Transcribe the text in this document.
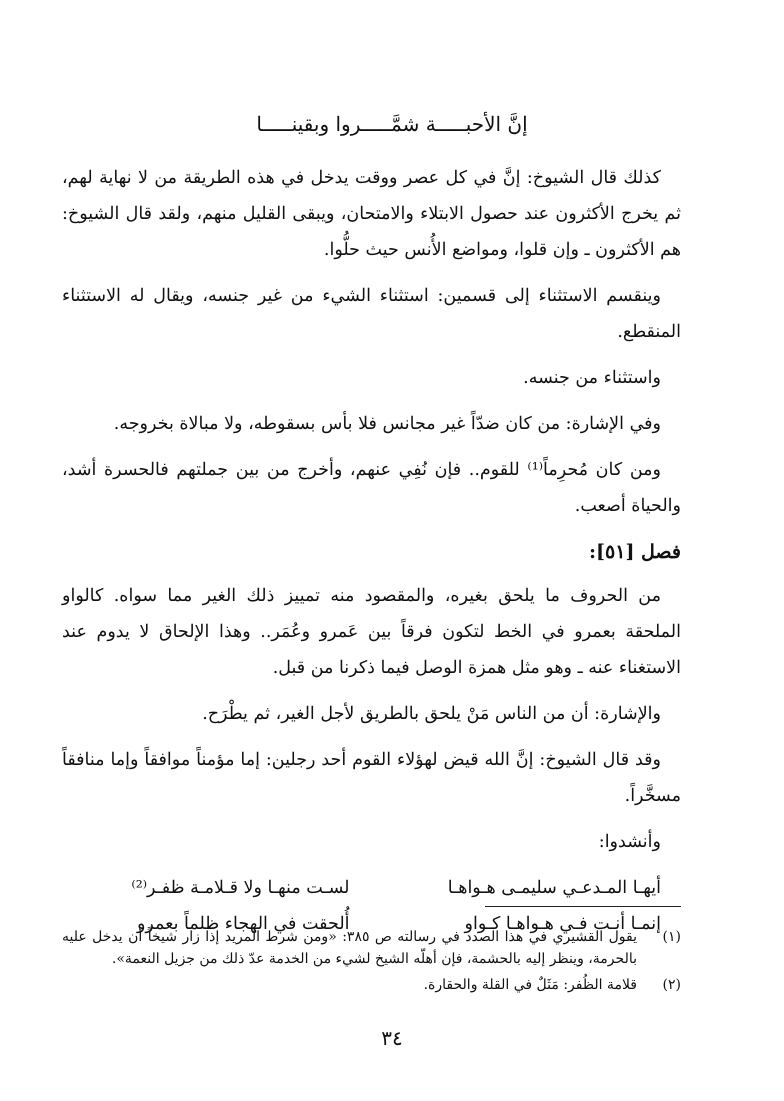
إنَّ الأحبـــــة شمَّـــــروا وبقينـــــا

كذلك قال الشيوخ: إنَّ في كل عصر ووقت يدخل في هذه الطريقة من لا نهاية لهم، ثم يخرج الأكثرون عند حصول الابتلاء والامتحان، ويبقى القليل منهم، ولقد قال الشيوخ: هم الأكثرون ـ وإن قلوا، ومواضع الأُنس حيث حلُّوا.

وينقسم الاستثناء إلى قسمين: استثناء الشيء من غير جنسه، ويقال له الاستثناء المنقطع.

واستثناء من جنسه.

وفي الإشارة: من كان ضدّاً غير مجانس فلا بأس بسقوطه، ولا مبالاة بخروجه.

ومن كان مُحرِماً⁽¹⁾ للقوم.. فإن نُفِي عنهم، وأخرج من بين جملتهم فالحسرة أشد، والحياة أصعب.

فصل [٥١]:

من الحروف ما يلحق بغيره، والمقصود منه تمييز ذلك الغير مما سواه. كالواو الملحقة بعمرو في الخط لتكون فرقاً بين عَمرو وعُمَر.. وهذا الإلحاق لا يدوم عند الاستغناء عنه ـ وهو مثل همزة الوصل فيما ذكرنا من قبل.

والإشارة: أن من الناس مَنْ يلحق بالطريق لأجل الغير، ثم يطْرَح.

وقد قال الشيوخ: إنَّ الله قيض لهؤلاء القوم أحد رجلين: إما مؤمناً موافقاً وإما منافقاً مسخَّراً.

وأنشدوا:

أيهـا المـدعـي سليمـى هـواهـا
لسـت منهـا ولا قـلامـة ظفـر⁽²⁾
إنمـا أنـت فـي هـواهـا كـواو
أُلحقت في الهجاء ظلماً بعمرو
(١)
يقول القشيري في هذا الصدد في رسالته ص ٣٨٥: «ومن شرط المريد إذا زار شيخاً أن يدخل عليه بالحرمة، وينظر إليه بالحشمة، فإن أهلّه الشيخ لشيء من الخدمة عدّ ذلك من جزيل النعمة».
(٢)
قلامة الظُفر: مَثَلٌ في القلة والحقارة.
٣٤
